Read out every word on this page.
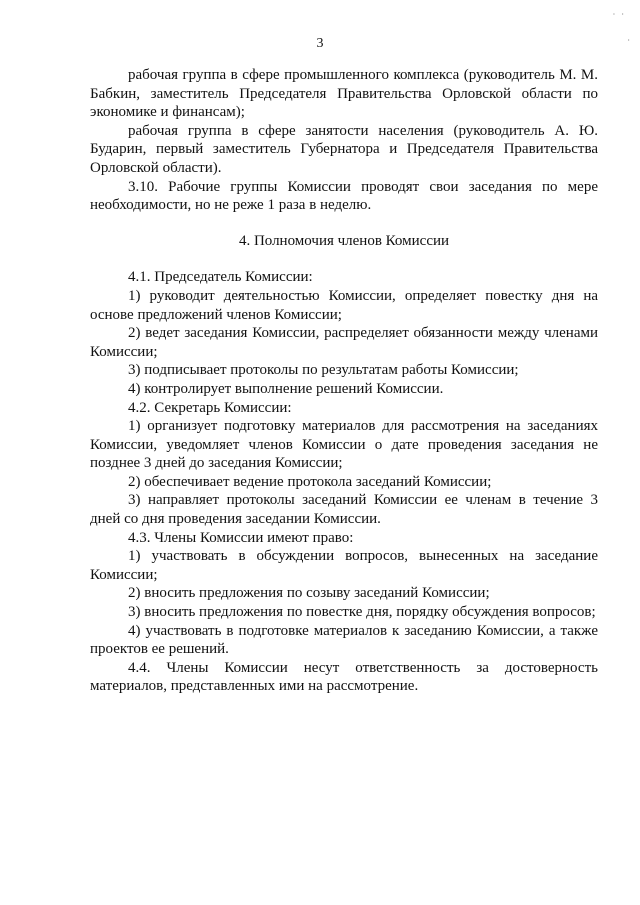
· ·
·
3

рабочая группа в сфере промышленного комплекса (руководитель М. М. Бабкин, заместитель Председателя Правительства Орловской области по экономике и финансам);

рабочая группа в сфере занятости населения (руководитель А. Ю. Бударин, первый заместитель Губернатора и Председателя Правительства Орловской области).

3.10. Рабочие группы Комиссии проводят свои заседания по мере необходимости, но не реже 1 раза в неделю.

4. Полномочия членов Комиссии

4.1. Председатель Комиссии:

1) руководит деятельностью Комиссии, определяет повестку дня на основе предложений членов Комиссии;

2) ведет заседания Комиссии, распределяет обязанности между членами Комиссии;

3) подписывает протоколы по результатам работы Комиссии;

4) контролирует выполнение решений Комиссии.

4.2. Секретарь Комиссии:

1) организует подготовку материалов для рассмотрения на заседаниях Комиссии, уведомляет членов Комиссии о дате проведения заседания не позднее 3 дней до заседания Комиссии;

2) обеспечивает ведение протокола заседаний Комиссии;

3) направляет протоколы заседаний Комиссии ее членам в течение 3 дней со дня проведения заседании Комиссии.

4.3. Члены Комиссии имеют право:

1) участвовать в обсуждении вопросов, вынесенных на заседание Комиссии;

2) вносить предложения по созыву заседаний Комиссии;

3) вносить предложения по повестке дня, порядку обсуждения вопросов;

4) участвовать в подготовке материалов к заседанию Комиссии, а также проектов ее решений.

4.4. Члены Комиссии несут ответственность за достоверность материалов, представленных ими на рассмотрение.
